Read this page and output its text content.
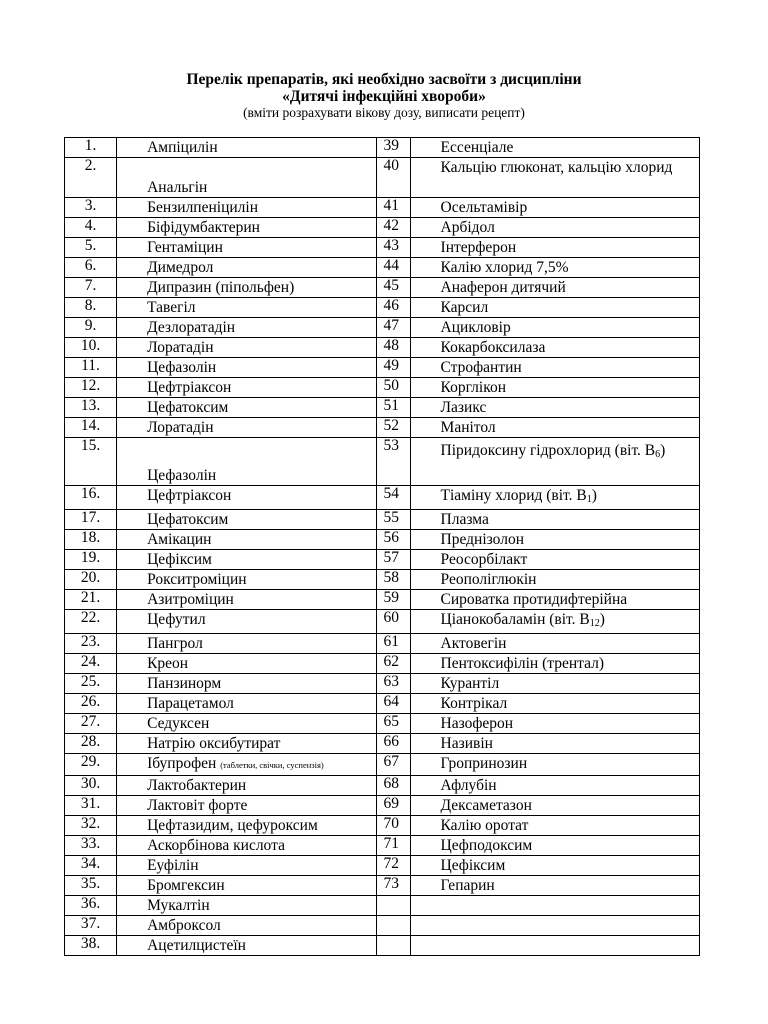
Перелік препаратів, які необхідно засвоїти з дисципліни
«Дитячі інфекційні хвороби»
(вміти розрахувати вікову дозу, виписати рецепт)
1.	Ампіцилін	39	Ессенціале
2.	Анальгін	40	Кальцію глюконат, кальцію хлорид
3.	Бензилпеніцилін	41	Осельтамівір
4.	Біфідумбактерин	42	Арбідол
5.	Гентаміцин	43	Інтерферон
6.	Димедрол	44	Калію хлорид 7,5%
7.	Дипразин (піпольфен)	45	Анаферон дитячий
8.	Тавегіл	46	Карсил
9.	Дезлоратадін	47	Ацикловір
10.	Лоратадін	48	Кокарбоксилаза
11.	Цефазолін	49	Строфантин
12.	Цефтріаксон	50	Корглікон
13.	Цефатоксим	51	Лазикс
14.	Лоратадін	52	Манітол
15.	Цефазолін	53	Піридоксину гідрохлорид (віт. $B_6$)
16.	Цефтріаксон	54	Тіаміну хлорид (віт. $B_1$)
17.	Цефатоксим	55	Плазма
18.	Амікацин	56	Преднізолон
19.	Цефіксим	57	Реосорбілакт
20.	Рокситроміцин	58	Реополіглюкін
21.	Азитроміцин	59	Сироватка протидифтерійна
22.	Цефутил	60	Ціанокобаламін (віт. $B_{12}$)
23.	Пангрол	61	Актовегін
24.	Креон	62	Пентоксифілін (трентал)
25.	Панзинорм	63	Курантіл
26.	Парацетамол	64	Контрікал
27.	Седуксен	65	Назоферон
28.	Натрію оксибутират	66	Називін
29.	Ібупрофен (таблетки, свічки, суспензія)	67	Гропринозин
30.	Лактобактерин	68	Афлубін
31.	Лактовіт форте	69	Дексаметазон
32.	Цефтазидим, цефуроксим	70	Калію оротат
33.	Аскорбінова кислота	71	Цефподоксим
34.	Еуфілін	72	Цефіксим
35.	Бромгексин	73	Гепарин
36.	Мукалтін		
37.	Амброксол		
38.	Ацетилцистеїн		
